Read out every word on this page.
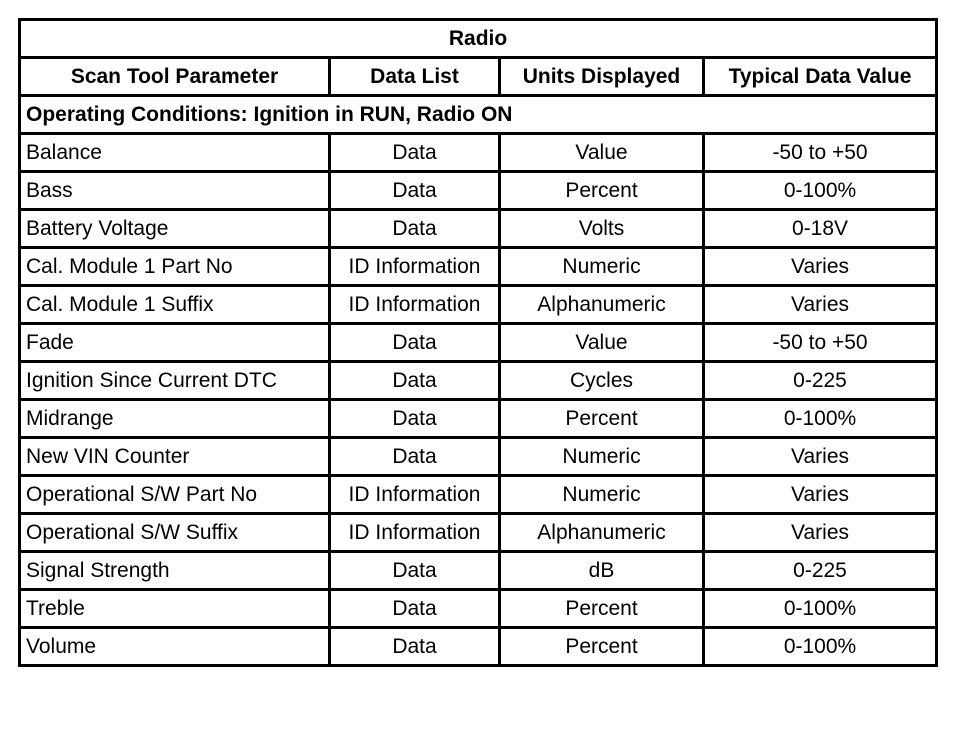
Radio			
Scan Tool Parameter	Data List	Units Displayed	Typical Data Value
Operating Conditions: Ignition in RUN, Radio ON			
Balance	Data	Value	-50 to +50
Bass	Data	Percent	0-100%
Battery Voltage	Data	Volts	0-18V
Cal. Module 1 Part No	ID Information	Numeric	Varies
Cal. Module 1 Suffix	ID Information	Alphanumeric	Varies
Fade	Data	Value	-50 to +50
Ignition Since Current DTC	Data	Cycles	0-225
Midrange	Data	Percent	0-100%
New VIN Counter	Data	Numeric	Varies
Operational S/W Part No	ID Information	Numeric	Varies
Operational S/W Suffix	ID Information	Alphanumeric	Varies
Signal Strength	Data	dB	0-225
Treble	Data	Percent	0-100%
Volume	Data	Percent	0-100%
